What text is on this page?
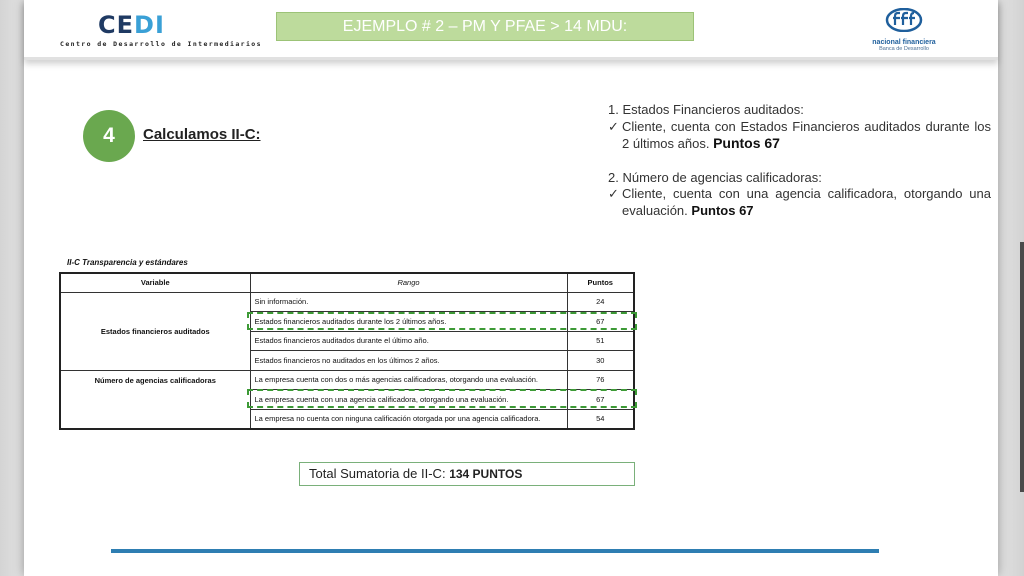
CEDI
Centro de Desarrollo de Intermediarios
EJEMPLO # 2 – PM Y PFAE > 14 MDU:
nacional financiera
Banca de Desarrollo
4	Calculamos II-C:
1. Estados Financieros auditados:
✓ Cliente, cuenta con Estados Financieros auditados durante los 2 últimos años. Puntos 67
2. Número de agencias calificadoras:
✓ Cliente, cuenta con una agencia calificadora, otorgando una evaluación. Puntos 67
II-C Transparencia y estándares
Variable	Rango	Puntos
Estados financieros auditados	Sin información.	24
	Estados financieros auditados durante los 2 últimos años.	67
	Estados financieros auditados durante el último año.	51
	Estados financieros no auditados en los últimos 2 años.	30
Número de agencias calificadoras	La empresa cuenta con dos o más agencias calificadoras, otorgando una evaluación.	76
	La empresa cuenta con una agencia calificadora, otorgando una evaluación.	67
	La empresa no cuenta con ninguna calificación otorgada por una agencia calificadora.	54
Total Sumatoria de II-C: 134 PUNTOS
